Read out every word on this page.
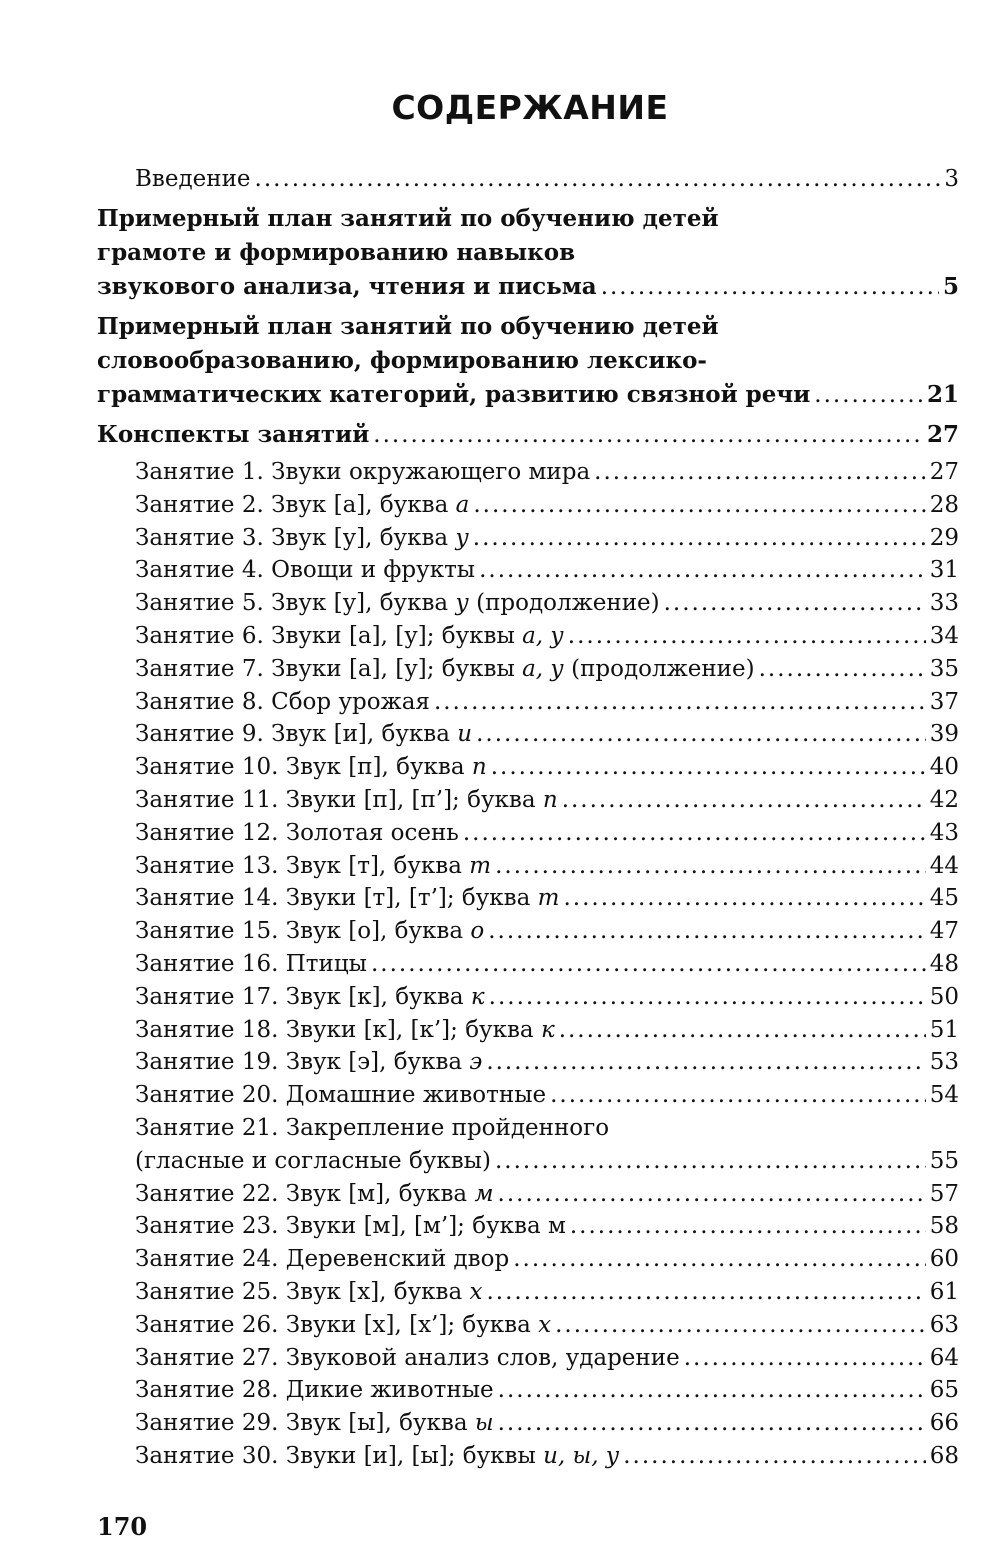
СОДЕРЖАНИЕ
Введение .....	3
Примерный план занятий по обучению детей
грамоте и формированию навыков
звукового анализа, чтения и письма .....	5
Примерный план занятий по обучению детей
словообразованию, формированию лексико-
грамматических категорий, развитию связной речи .....	21
Конспекты занятий .....	27
Занятие 1. Звуки окружающего мира .....	27
Занятие 2. Звук [а], буква а .....	28
Занятие 3. Звук [у], буква у .....	29
Занятие 4. Овощи и фрукты .....	31
Занятие 5. Звук [у], буква у (продолжение) .....	33
Занятие 6. Звуки [а], [у]; буквы а, у .....	34
Занятие 7. Звуки [а], [у]; буквы а, у (продолжение) .....	35
Занятие 8. Сбор урожая .....	37
Занятие 9. Звук [и], буква и .....	39
Занятие 10. Звук [п], буква п .....	40
Занятие 11. Звуки [п], [п’]; буква п .....	42
Занятие 12. Золотая осень .....	43
Занятие 13. Звук [т], буква т .....	44
Занятие 14. Звуки [т], [т’]; буква т .....	45
Занятие 15. Звук [о], буква о .....	47
Занятие 16. Птицы .....	48
Занятие 17. Звук [к], буква к .....	50
Занятие 18. Звуки [к], [к’]; буква к .....	51
Занятие 19. Звук [э], буква э .....	53
Занятие 20. Домашние животные .....	54
Занятие 21. Закрепление пройденного
(гласные и согласные буквы) .....	55
Занятие 22. Звук [м], буква м .....	57
Занятие 23. Звуки [м], [м’]; буква м .....	58
Занятие 24. Деревенский двор .....	60
Занятие 25. Звук [х], буква х .....	61
Занятие 26. Звуки [х], [х’]; буква х .....	63
Занятие 27. Звуковой анализ слов, ударение .....	64
Занятие 28. Дикие животные .....	65
Занятие 29. Звук [ы], буква ы .....	66
Занятие 30. Звуки [и], [ы]; буквы и, ы, у .....	68
170
